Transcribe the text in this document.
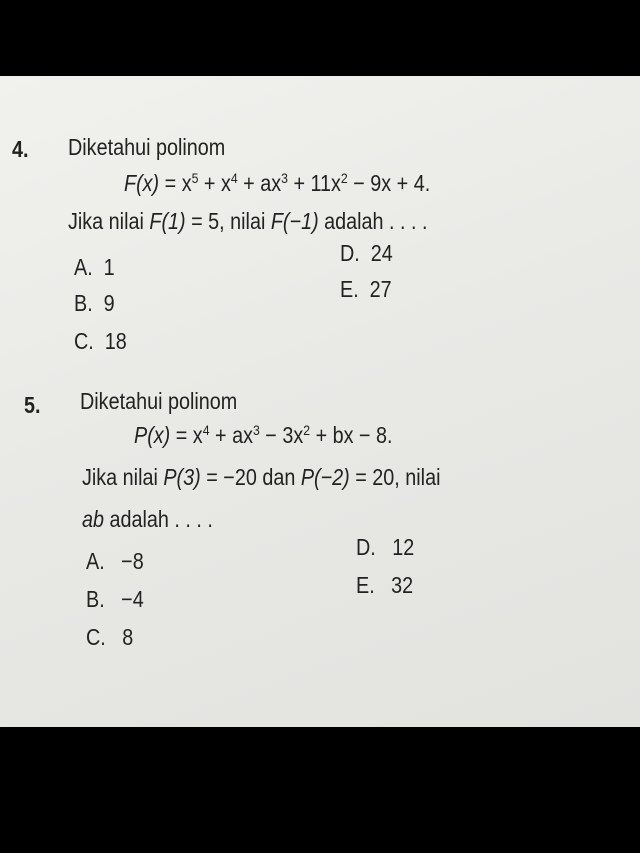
4. Diketahui polinom
$F(x) = x^5 + x^4 + ax^3 + 11x^2 - 9x + 4$.
Jika nilai F(1) = 5, nilai F(−1) adalah . . . .
A. 1
B. 9
C. 18
D. 24
E. 27
5. Diketahui polinom
$P(x) = x^4 + ax^3 - 3x^2$ + bx − 8.
Jika nilai P(3) = −20 dan P(−2) = 20, nilai
ab adalah . . . .
A. −8
B. −4
C. 8
D. 12
E. 32
